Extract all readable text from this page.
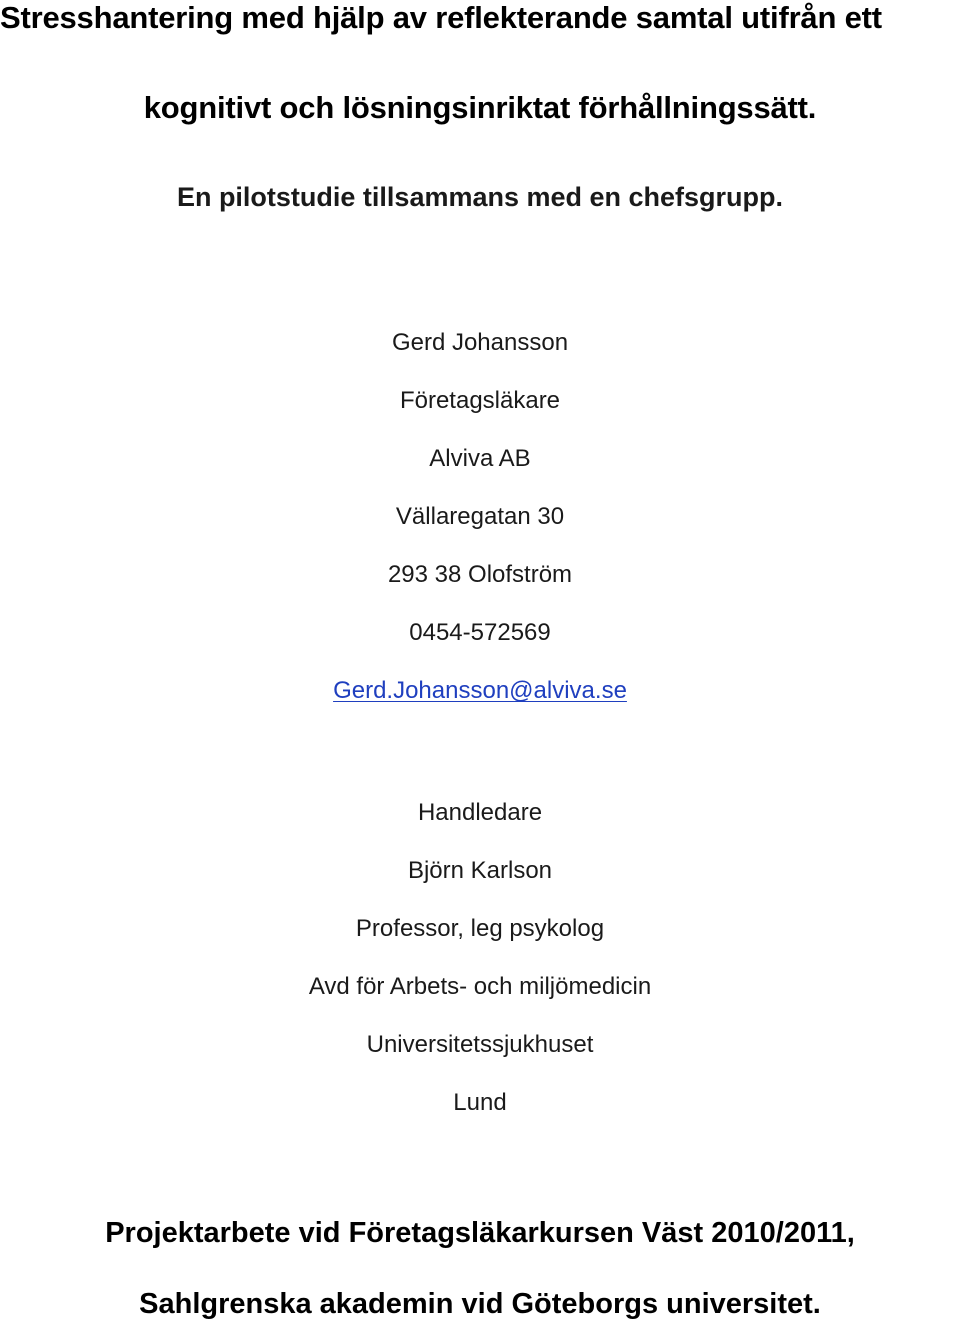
Stresshantering med hjälp av reflekterande samtal utifrån ett
kognitivt och lösningsinriktat förhållningssätt.
En pilotstudie tillsammans med en chefsgrupp.
Gerd Johansson
Företagsläkare
Alviva AB
Vällaregatan 30
293 38 Olofström
0454-572569
Gerd.Johansson@alviva.se
Handledare
Björn Karlson
Professor, leg psykolog
Avd för Arbets- och miljömedicin
Universitetssjukhuset
Lund
Projektarbete vid Företagsläkarkursen Väst 2010/2011,
Sahlgrenska akademin vid Göteborgs universitet.
